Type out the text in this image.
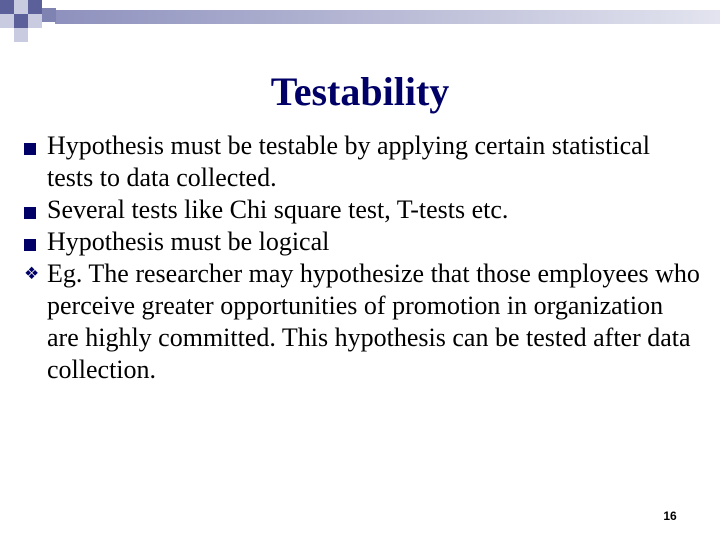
Testability
Hypothesis must be testable by applying certain statistical tests to data collected.
Several tests like Chi square test, T-tests etc.
Hypothesis must be logical
❖ Eg. The researcher may hypothesize that those employees who perceive greater opportunities of promotion in organization are highly committed. This hypothesis can be tested after data collection.
16
